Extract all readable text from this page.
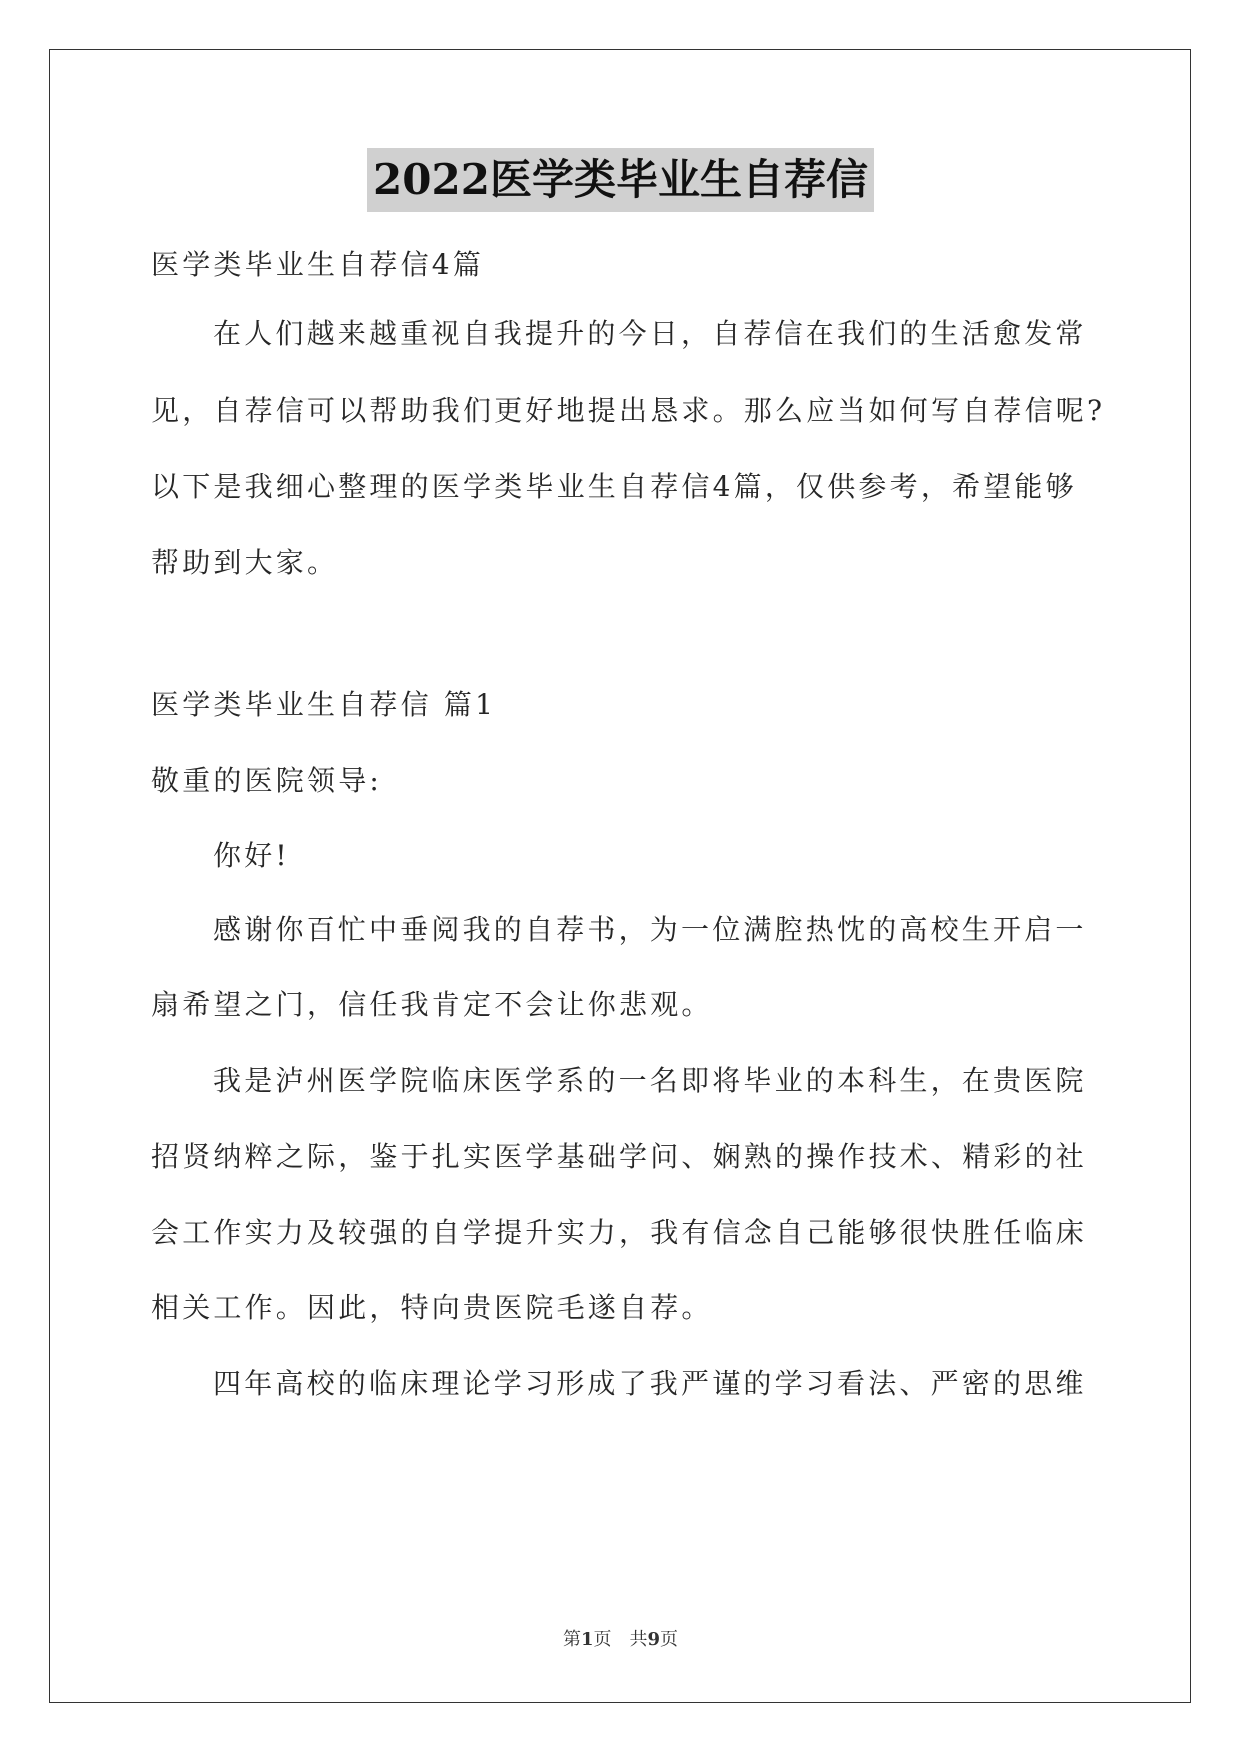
2022医学类毕业生自荐信
医学类毕业生自荐信4篇
在人们越来越重视自我提升的今日，自荐信在我们的生活愈发常
见，自荐信可以帮助我们更好地提出恳求。那么应当如何写自荐信呢?
以下是我细心整理的医学类毕业生自荐信4篇，仅供参考，希望能够
帮助到大家。
医学类毕业生自荐信 篇1
敬重的医院领导:
你好!
感谢你百忙中垂阅我的自荐书，为一位满腔热忱的高校生开启一
扇希望之门，信任我肯定不会让你悲观。
我是泸州医学院临床医学系的一名即将毕业的本科生，在贵医院
招贤纳粹之际，鉴于扎实医学基础学问、娴熟的操作技术、精彩的社
会工作实力及较强的自学提升实力，我有信念自己能够很快胜任临床
相关工作。因此，特向贵医院毛遂自荐。
四年高校的临床理论学习形成了我严谨的学习看法、严密的思维
第1页　共9页
